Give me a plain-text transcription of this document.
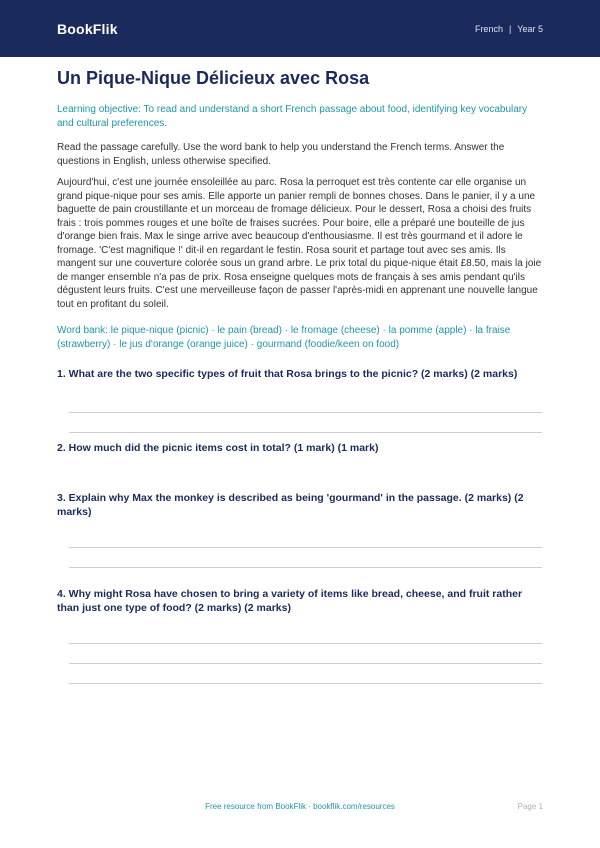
BookFlik	French | Year 5
Un Pique-Nique Délicieux avec Rosa

Learning objective: To read and understand a short French passage about food, identifying key vocabulary and cultural preferences.

Read the passage carefully. Use the word bank to help you understand the French terms. Answer the questions in English, unless otherwise specified.

Aujourd'hui, c'est une journée ensoleillée au parc. Rosa la perroquet est très contente car elle organise un grand pique-nique pour ses amis. Elle apporte un panier rempli de bonnes choses. Dans le panier, il y a une baguette de pain croustillante et un morceau de fromage délicieux. Pour le dessert, Rosa a choisi des fruits frais : trois pommes rouges et une boîte de fraises sucrées. Pour boire, elle a préparé une bouteille de jus d'orange bien frais. Max le singe arrive avec beaucoup d'enthousiasme. Il est très gourmand et il adore le fromage. 'C'est magnifique !' dit-il en regardant le festin. Rosa sourit et partage tout avec ses amis. Ils mangent sur une couverture colorée sous un grand arbre. Le prix total du pique-nique était £8.50, mais la joie de manger ensemble n'a pas de prix. Rosa enseigne quelques mots de français à ses amis pendant qu'ils dégustent leurs fruits. C'est une merveilleuse façon de passer l'après-midi en apprenant une nouvelle langue tout en profitant du soleil.

Word bank: le pique-nique (picnic) · le pain (bread) · le fromage (cheese) · la pomme (apple) · la fraise (strawberry) · le jus d'orange (orange juice) · gourmand (foodie/keen on food)

1. What are the two specific types of fruit that Rosa brings to the picnic? (2 marks) (2 marks)

2. How much did the picnic items cost in total? (1 mark) (1 mark)

3. Explain why Max the monkey is described as being 'gourmand' in the passage. (2 marks) (2 marks)

4. Why might Rosa have chosen to bring a variety of items like bread, cheese, and fruit rather than just one type of food? (2 marks) (2 marks)

Free resource from BookFlik · bookflik.com/resources	Page 1
